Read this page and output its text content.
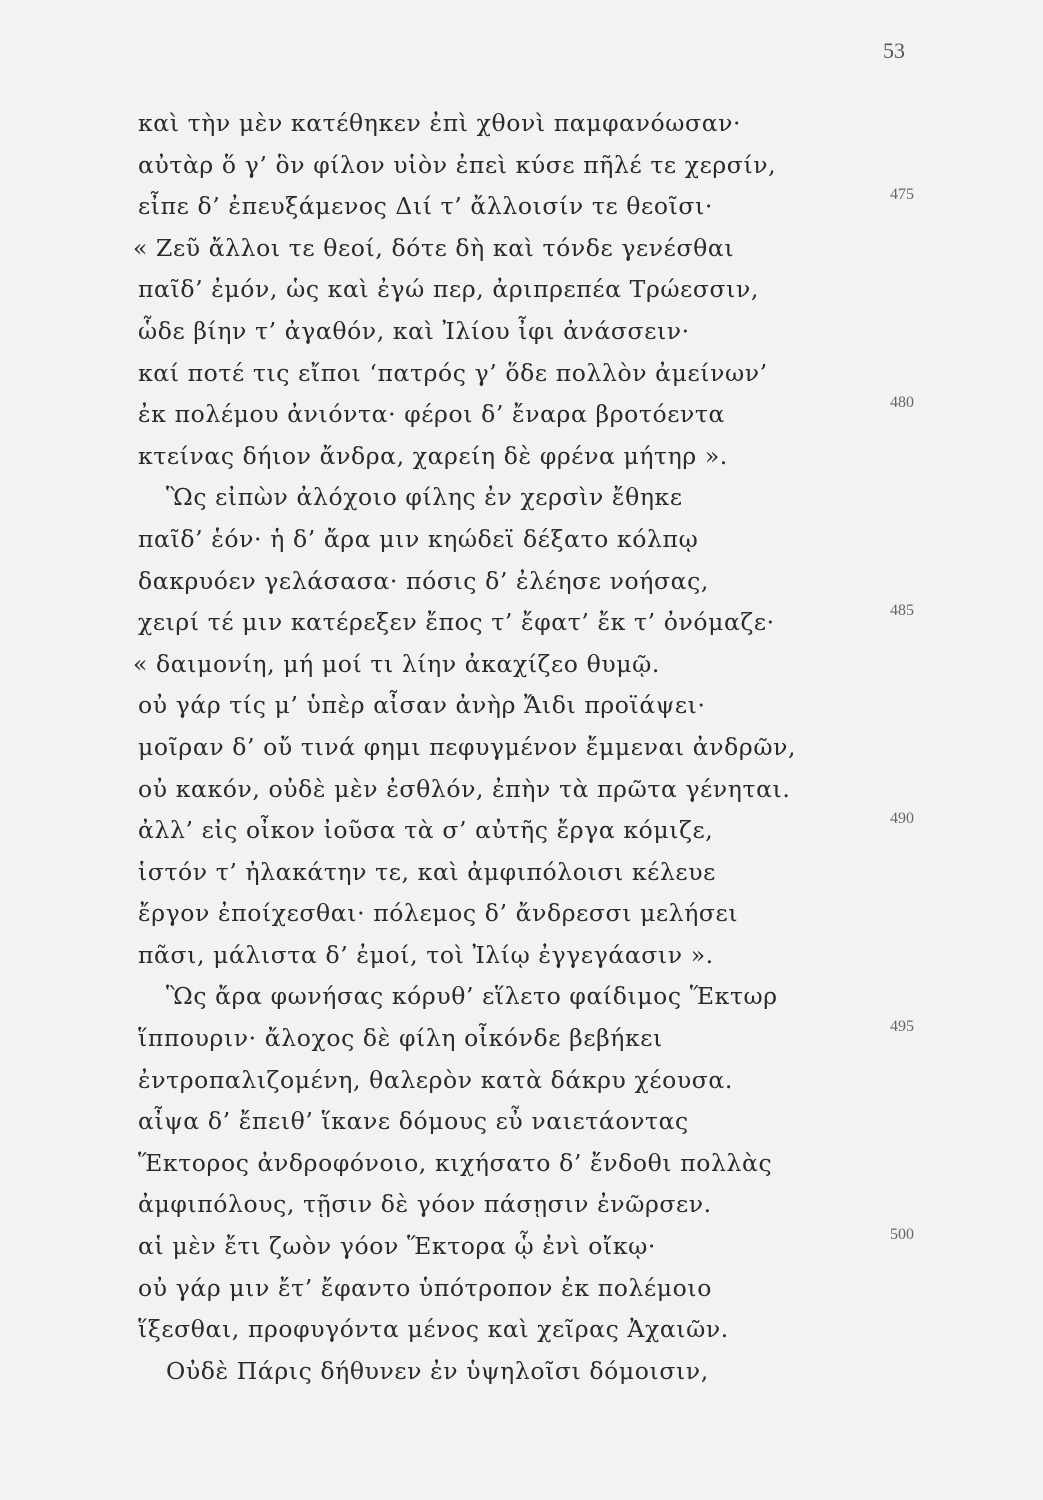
53
καὶ τὴν μὲν κατέθηκεν ἐπὶ χθονὶ παμφανόωσαν·
αὐτὰρ ὅ γ’ ὃν φίλον υἱὸν ἐπεὶ κύσε πῆλέ τε χερσίν,
εἶπε δ’ ἐπευξάμενος Διί τ’ ἄλλοισίν τε θεοῖσι·	475
« Ζεῦ ἄλλοι τε θεοί, δότε δὴ καὶ τόνδε γενέσθαι
παῖδ’ ἐμόν, ὡς καὶ ἐγώ περ, ἀριπρεπέα Τρώεσσιν,
ὧδε βίην τ’ ἀγαθόν, καὶ Ἰλίου ἶφι ἀνάσσειν·
καί ποτέ τις εἴποι ‘πατρός γ’ ὅδε πολλὸν ἀμείνων’
ἐκ πολέμου ἀνιόντα· φέροι δ’ ἔναρα βροτόεντα	480
κτείνας δήιον ἄνδρα, χαρείη δὲ φρένα μήτηρ ».
Ὣς εἰπὼν ἀλόχοιο φίλης ἐν χερσὶν ἔθηκε
παῖδ’ ἑόν· ἡ δ’ ἄρα μιν κηώδεϊ δέξατο κόλπῳ
δακρυόεν γελάσασα· πόσις δ’ ἐλέησε νοήσας,
χειρί τέ μιν κατέρεξεν ἔπος τ’ ἔφατ’ ἔκ τ’ ὀνόμαζε·	485
« δαιμονίη, μή μοί τι λίην ἀκαχίζεο θυμῷ.
οὐ γάρ τίς μ’ ὑπὲρ αἶσαν ἀνὴρ Ἄιδι προϊάψει·
μοῖραν δ’ οὔ τινά φημι πεφυγμένον ἔμμεναι ἀνδρῶν,
οὐ κακόν, οὐδὲ μὲν ἐσθλόν, ἐπὴν τὰ πρῶτα γένηται.
ἀλλ’ εἰς οἶκον ἰοῦσα τὰ σ’ αὐτῆς ἔργα κόμιζε,	490
ἱστόν τ’ ἠλακάτην τε, καὶ ἀμφιπόλοισι κέλευε
ἔργον ἐποίχεσθαι· πόλεμος δ’ ἄνδρεσσι μελήσει
πᾶσι, μάλιστα δ’ ἐμοί, τοὶ Ἰλίῳ ἐγγεγάασιν ».
Ὣς ἄρα φωνήσας κόρυθ’ εἵλετο φαίδιμος Ἕκτωρ
ἵππουριν· ἄλοχος δὲ φίλη οἶκόνδε βεβήκει	495
ἐντροπαλιζομένη, θαλερὸν κατὰ δάκρυ χέουσα.
αἶψα δ’ ἔπειθ’ ἵκανε δόμους εὖ ναιετάοντας
Ἕκτορος ἀνδροφόνοιο, κιχήσατο δ’ ἔνδοθι πολλὰς
ἀμφιπόλους, τῇσιν δὲ γόον πάσῃσιν ἐνῶρσεν.
αἱ μὲν ἔτι ζωὸν γόον Ἕκτορα ᾧ ἐνὶ οἴκῳ·	500
οὐ γάρ μιν ἔτ’ ἔφαντο ὑπότροπον ἐκ πολέμοιο
ἵξεσθαι, προφυγόντα μένος καὶ χεῖρας Ἀχαιῶν.
Οὐδὲ Πάρις δήθυνεν ἐν ὑψηλοῖσι δόμοισιν,
